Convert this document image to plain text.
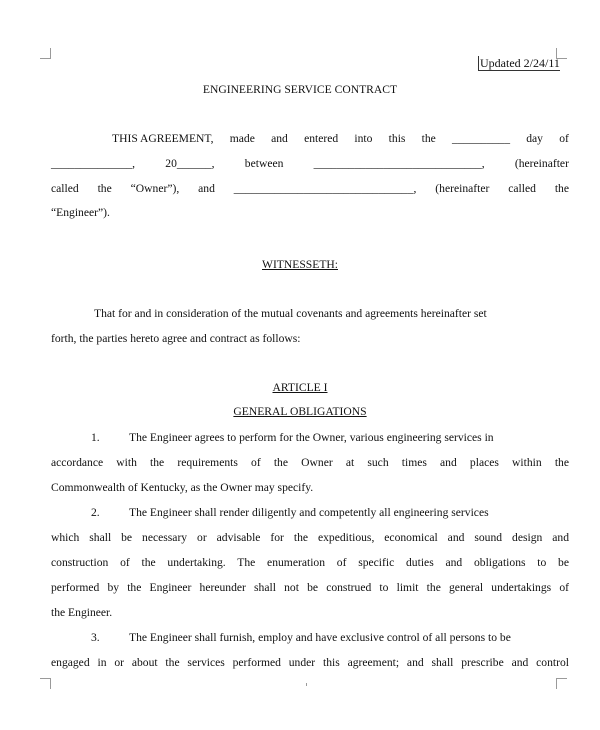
Updated 2/24/11
ENGINEERING SERVICE CONTRACT
THIS AGREEMENT, made and entered into this the __________ day of
______________,	20______,	between	_____________________________,	(hereinafter
called the “Owner”), and _______________________________, (hereinafter called the
“Engineer”).
WITNESSETH:
That for and in consideration of the mutual covenants and agreements hereinafter set
forth, the parties hereto agree and contract as follows:
ARTICLE I
GENERAL OBLIGATIONS
1.	The Engineer agrees to perform for the Owner, various engineering services in
accordance with the requirements of the Owner at such times and places within the
Commonwealth of Kentucky, as the Owner may specify.
2.	The Engineer shall render diligently and competently all engineering services
which shall be necessary or advisable for the expeditious, economical and sound design and
construction of the undertaking. The enumeration of specific duties and obligations to be
performed by the Engineer hereunder shall not be construed to limit the general undertakings of
the Engineer.
3.	The Engineer shall furnish, employ and have exclusive control of all persons to be
engaged in or about the services performed under this agreement; and shall prescribe and control
